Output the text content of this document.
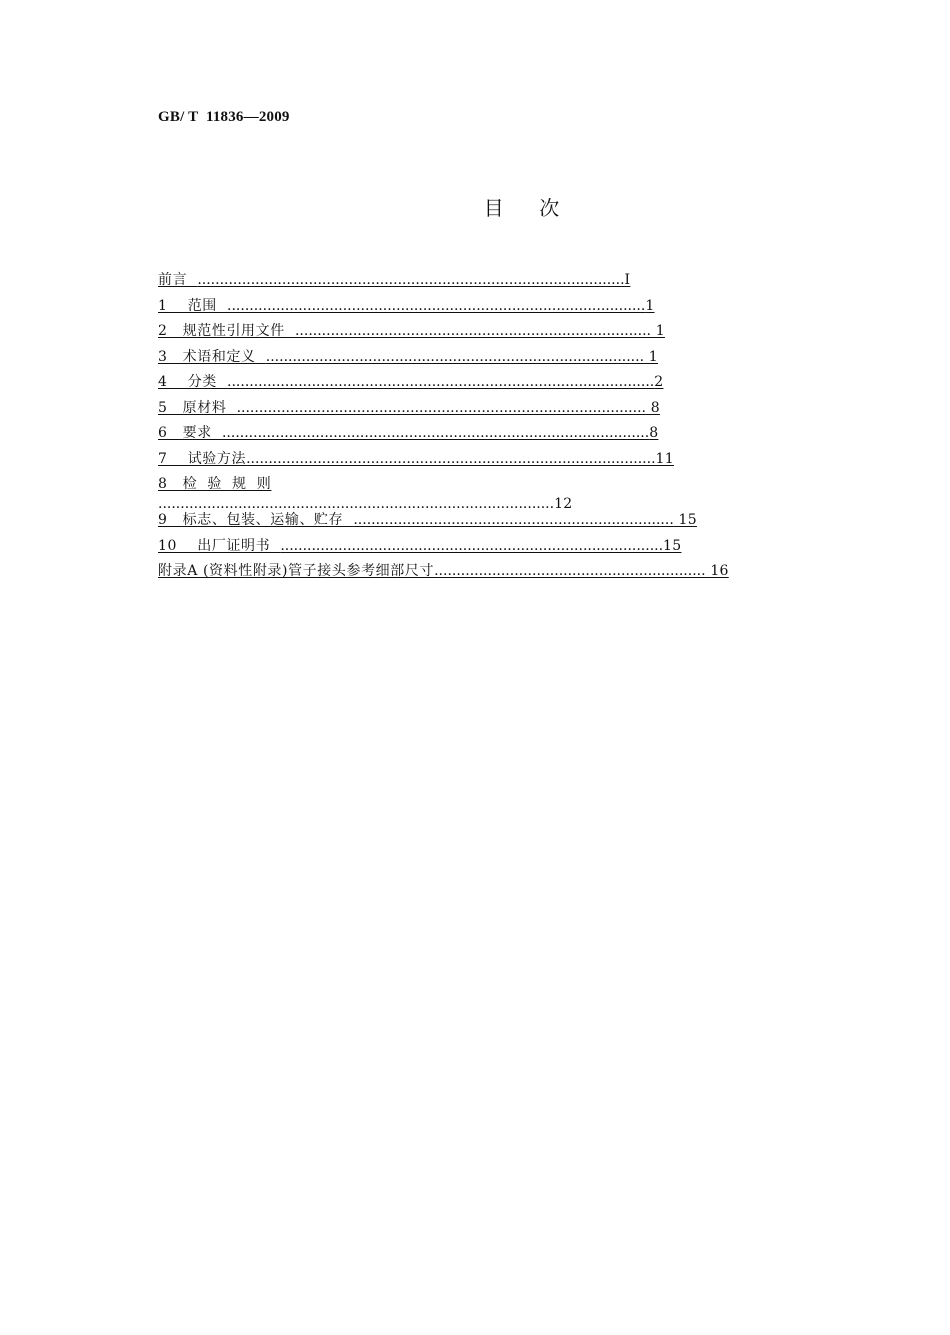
GB/ T  11836—2009
目    次
前言  ................................................................................................I
1    范围  ..............................................................................................1
2   规范性引用文件  ................................................................................ 1
3   术语和定义  ..................................................................................... 1
4    分类  ................................................................................................2
5   原材料  ............................................................................................ 8
6   要求  ................................................................................................8
7    试验方法............................................................................................11
8   检  验  规  则
.........................................................................................12
9   标志、包装、运输、贮存  ........................................................................ 15
10    出厂证明书  ......................................................................................15
附录A (资料性附录)管子接头参考细部尺寸............................................................. 16
